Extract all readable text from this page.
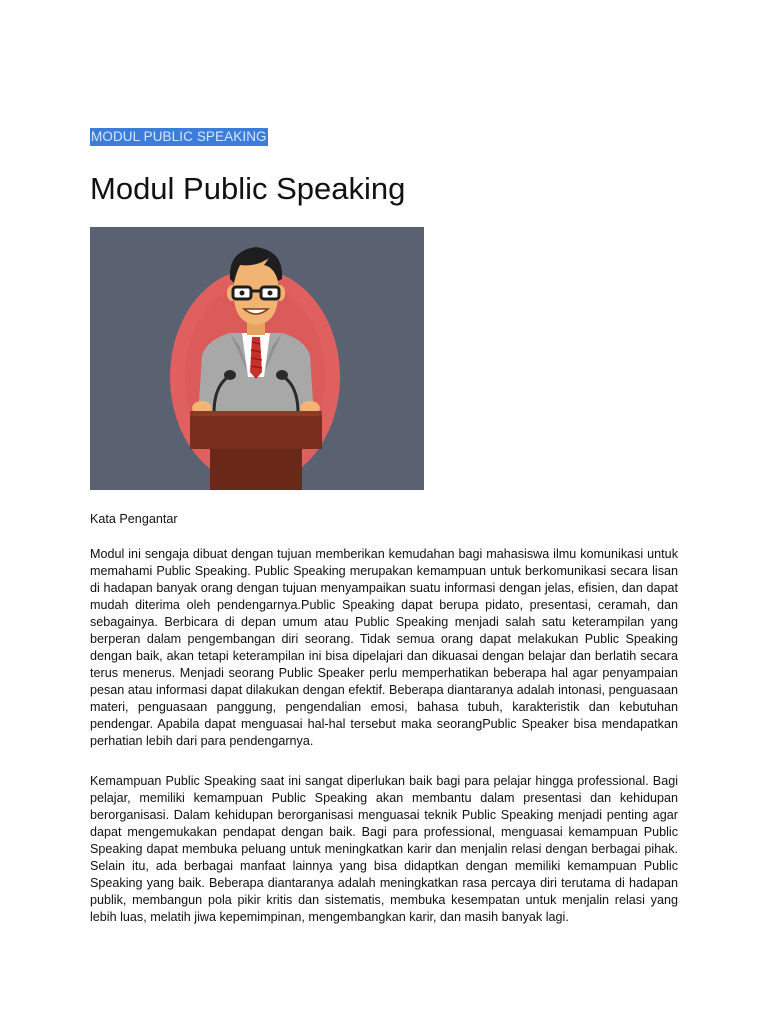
MODUL PUBLIC SPEAKING
Modul Public Speaking

Kata Pengantar

Modul ini sengaja dibuat dengan tujuan memberikan kemudahan bagi mahasiswa ilmu komunikasi untuk memahami Public Speaking. Public Speaking merupakan kemampuan untuk berkomunikasi secara lisan di hadapan banyak orang dengan tujuan menyampaikan suatu informasi dengan jelas, efisien, dan dapat mudah diterima oleh pendengarnya.Public Speaking dapat berupa pidato, presentasi, ceramah, dan sebagainya. Berbicara di depan umum atau Public Speaking menjadi salah satu keterampilan yang berperan dalam pengembangan diri seorang. Tidak semua orang dapat melakukan Public Speaking dengan baik, akan tetapi keterampilan ini bisa dipelajari dan dikuasai dengan belajar dan berlatih secara terus menerus. Menjadi seorang Public Speaker perlu memperhatikan beberapa hal agar penyampaian pesan atau informasi dapat dilakukan dengan efektif. Beberapa diantaranya adalah intonasi, penguasaan materi, penguasaan panggung, pengendalian emosi, bahasa tubuh, karakteristik dan kebutuhan pendengar. Apabila dapat menguasai hal-hal tersebut maka seorangPublic Speaker bisa mendapatkan perhatian lebih dari para pendengarnya.

Kemampuan Public Speaking saat ini sangat diperlukan baik bagi para pelajar hingga professional. Bagi pelajar, memiliki kemampuan Public Speaking akan membantu dalam presentasi dan kehidupan berorganisasi. Dalam kehidupan berorganisasi menguasai teknik Public Speaking menjadi penting agar dapat mengemukakan pendapat dengan baik. Bagi para professional, menguasai kemampuan Public Speaking dapat membuka peluang untuk meningkatkan karir dan menjalin relasi dengan berbagai pihak. Selain itu, ada berbagai manfaat lainnya yang bisa didaptkan dengan memiliki kemampuan Public Speaking yang baik. Beberapa diantaranya adalah meningkatkan rasa percaya diri terutama di hadapan publik, membangun pola pikir kritis dan sistematis, membuka kesempatan untuk menjalin relasi yang lebih luas, melatih jiwa kepemimpinan, mengembangkan karir, dan masih banyak lagi.
